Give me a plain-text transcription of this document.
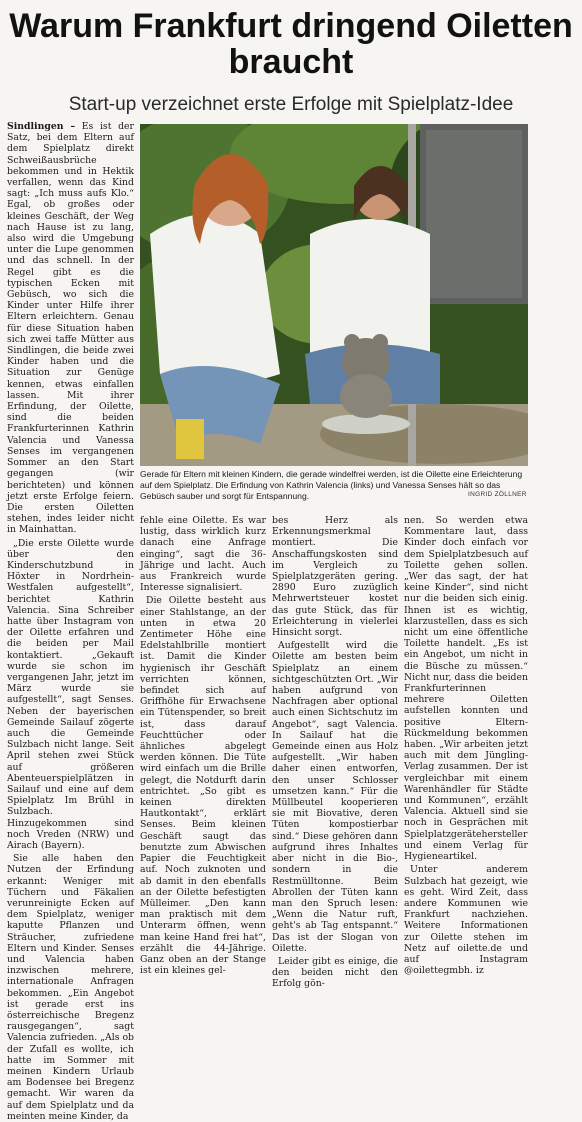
Warum Frankfurt dringend Oiletten braucht
Start-up verzeichnet erste Erfolge mit Spielplatz-Idee
Gerade für Eltern mit kleinen Kindern, die gerade windelfrei werden, ist die Oilette eine Erleichterung auf dem Spielplatz. Die Erfindung von Kathrin Valencia (links) und Vanessa Senses hält so das Gebüsch sauber und sorgt für Entspannung.	INGRID ZÖLLNER

Sindlingen – Es ist der Satz, bei dem Eltern auf dem Spielplatz direkt Schweißausbrüche bekommen und in Hektik verfallen, wenn das Kind sagt: „Ich muss aufs Klo.“ Egal, ob großes oder kleines Geschäft, der Weg nach Hause ist zu lang, also wird die Umgebung unter die Lupe genommen und das schnell. In der Regel gibt es die typischen Ecken mit Gebüsch, wo sich die Kinder unter Hilfe ihrer Eltern erleichtern. Genau für diese Situation haben sich zwei taffe Mütter aus Sindlingen, die beide zwei Kinder haben und die Situation zur Genüge kennen, etwas einfallen lassen. Mit ihrer Erfindung, der Oilette, sind die beiden Frankfurterinnen Kathrin Valencia und Vanessa Senses im vergangenen Sommer an den Start gegangen (wir berichteten) und können jetzt erste Erfolge feiern. Die ersten Oiletten stehen, indes leider nicht in Mainhattan.

„Die erste Oilette wurde über den Kinderschutzbund in Höxter in Nordrhein-Westfalen aufgestellt“, berichtet Kathrin Valencia. Sina Schreiber hatte über Instagram von der Oilette erfahren und die beiden per Mail kontaktiert. „Gekauft wurde sie schon im vergangenen Jahr, jetzt im März wurde sie aufgestellt“, sagt Senses. Neben der bayerischen Gemeinde Sailauf zögerte auch die Gemeinde Sulzbach nicht lange. Seit April stehen zwei Stück auf größeren Abenteuerspielplätzen in Sailauf und eine auf dem Spielplatz Im Brühl in Sulzbach. Hinzugekommen sind noch Vreden (NRW) und Airach (Bayern).

Sie alle haben den Nutzen der Erfindung erkannt: Weniger mit Tüchern und Fäkalien verunreinigte Ecken auf dem Spielplatz, weniger kaputte Pflanzen und Sträucher, zufriedene Eltern und Kinder. Senses und Valencia haben inzwischen mehrere, internationale Anfragen bekommen. „Ein Angebot ist gerade erst ins österreichische Bregenz rausgegangen“, sagt Valencia zufrieden. „Als ob der Zufall es wollte, ich hatte im Sommer mit meinen Kindern Urlaub am Bodensee bei Bregenz gemacht. Wir waren da auf dem Spielplatz und da meinten meine Kinder, da

fehle eine Oilette. Es war lustig, dass wirklich kurz danach eine Anfrage einging“, sagt die 36-Jährige und lacht. Auch aus Frankreich wurde Interesse signalisiert.

Die Oilette besteht aus einer Stahlstange, an der unten in etwa 20 Zentimeter Höhe eine Edelstahlbrille montiert ist. Damit die Kinder hygienisch ihr Geschäft verrichten können, befindet sich auf Griffhöhe für Erwachsene ein Tütenspender, so breit ist, dass darauf Feuchttücher oder ähnliches abgelegt werden können. Die Tüte wird einfach um die Brille gelegt, die Notdurft darin entrichtet. „So gibt es keinen direkten Hautkontakt“, erklärt Senses. Beim kleinen Geschäft saugt das benutzte zum Abwischen Papier die Feuchtigkeit auf. Noch zuknoten und ab damit in den ebenfalls an der Oilette befestigten Mülleimer. „Den kann man praktisch mit dem Unterarm öffnen, wenn man keine Hand frei hat“, erzählt die 44-Jährige. Ganz oben an der Stange ist ein kleines gel-

bes Herz als Erkennungsmerkmal montiert. Die Anschaffungskosten sind im Vergleich zu Spielplatzgeräten gering. 2890 Euro zuzüglich Mehrwertsteuer kostet das gute Stück, das für Erleichterung in vielerlei Hinsicht sorgt.

Aufgestellt wird die Oilette am besten beim Spielplatz an einem sichtgeschützten Ort. „Wir haben aufgrund von Nachfragen aber optional auch einen Sichtschutz im Angebot“, sagt Valencia. In Sailauf hat die Gemeinde einen aus Holz aufgestellt. „Wir haben daher einen entworfen, den unser Schlosser umsetzen kann.“ Für die Müllbeutel kooperieren sie mit Biovative, deren Tüten kompostierbar sind.“ Diese gehören dann aufgrund ihres Inhaltes aber nicht in die Bio-, sondern in die Restmülltonne. Beim Abrollen der Tüten kann man den Spruch lesen: „Wenn die Natur ruft, geht's ab Tag entspannt.“ Das ist der Slogan von Oilette.

Leider gibt es einige, die den beiden nicht den Erfolg gön-

nen. So werden etwa Kommentare laut, dass Kinder doch einfach vor dem Spielplatzbesuch auf Toilette gehen sollen. „Wer das sagt, der hat keine Kinder“, sind nicht nur die beiden sich einig. Ihnen ist es wichtig, klarzustellen, dass es sich nicht um eine öffentliche Toilette handelt. „Es ist ein Angebot, um nicht in die Büsche zu müssen.“ Nicht nur, dass die beiden Frankfurterinnen mehrere Oiletten aufstellen konnten und positive Eltern-Rückmeldung bekommen haben. „Wir arbeiten jetzt auch mit dem Jüngling-Verlag zusammen. Der ist vergleichbar mit einem Warenhändler für Städte und Kommunen“, erzählt Valencia. Aktuell sind sie noch in Gesprächen mit Spielplatzgerätehersteller und einem Verlag für Hygieneartikel.

Unter anderem Sulzbach hat gezeigt, wie es geht. Wird Zeit, dass andere Kommunen wie Frankfurt nachziehen. Weitere Informationen zur Oilette stehen im Netz auf oilette.de und auf Instagram @oilettegmbh. iz
